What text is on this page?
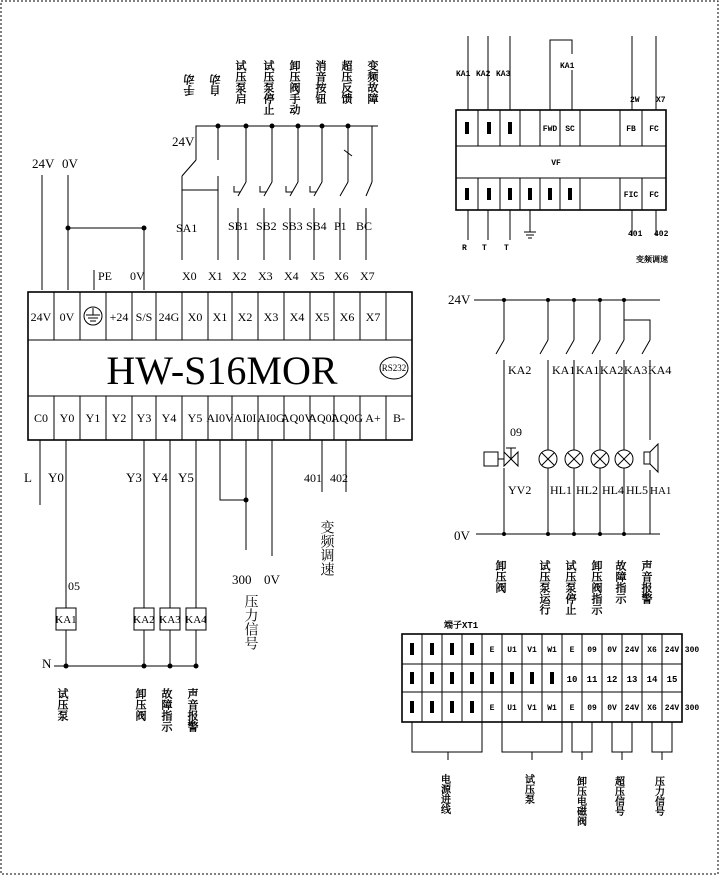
手动 自动 试压泵启 试压泵停止 卸压阀手动 消音按钮 超压反馈 变频故障
24V
SA1	SB1 SB2 SB3 SB4 P1 BC
24V 0V
PE 0V	X0 X1 X2 X3 X4 X5 X6 X7
24V 0V	+24 S/S 24G X0 X1 X2 X3 X4 X5 X6 X7
HW-S16MOR	RS232
C0 Y0 Y1 Y2 Y3 Y4 Y5 AI0V AI0I AI0G
AQ0V
AQ0I
AQ0G A+ B-
L Y0	Y3 Y4 Y5	401 402
300 0V
压力信号
变频调速
05
N
KA1	KA2 KA3 KA4
试压泵	卸压阀 故障指示 声音报警
KA1 KA2 KA3
KA1
2W X7
FWD SC	FB FC
VF
FIC FC
R T T
401 402
变频调速
24V
0V
KA2 KA1 KA1 KA2 KA3 KA4
09
YV2 HL1 HL2 HL4 HL5 HA1
卸压阀	试压泵运行 试压泵停止 卸压阀指示 故障指示 声音报警
端子XT1
E U1 V1 W1 E 09 0V 24V X6 24V 300
10 11 12 13 14 15
E U1 V1 W1 E 09 0V 24V X6 24V 300
电源进线	试压泵	卸压电磁阀	超压信号	压力信号
